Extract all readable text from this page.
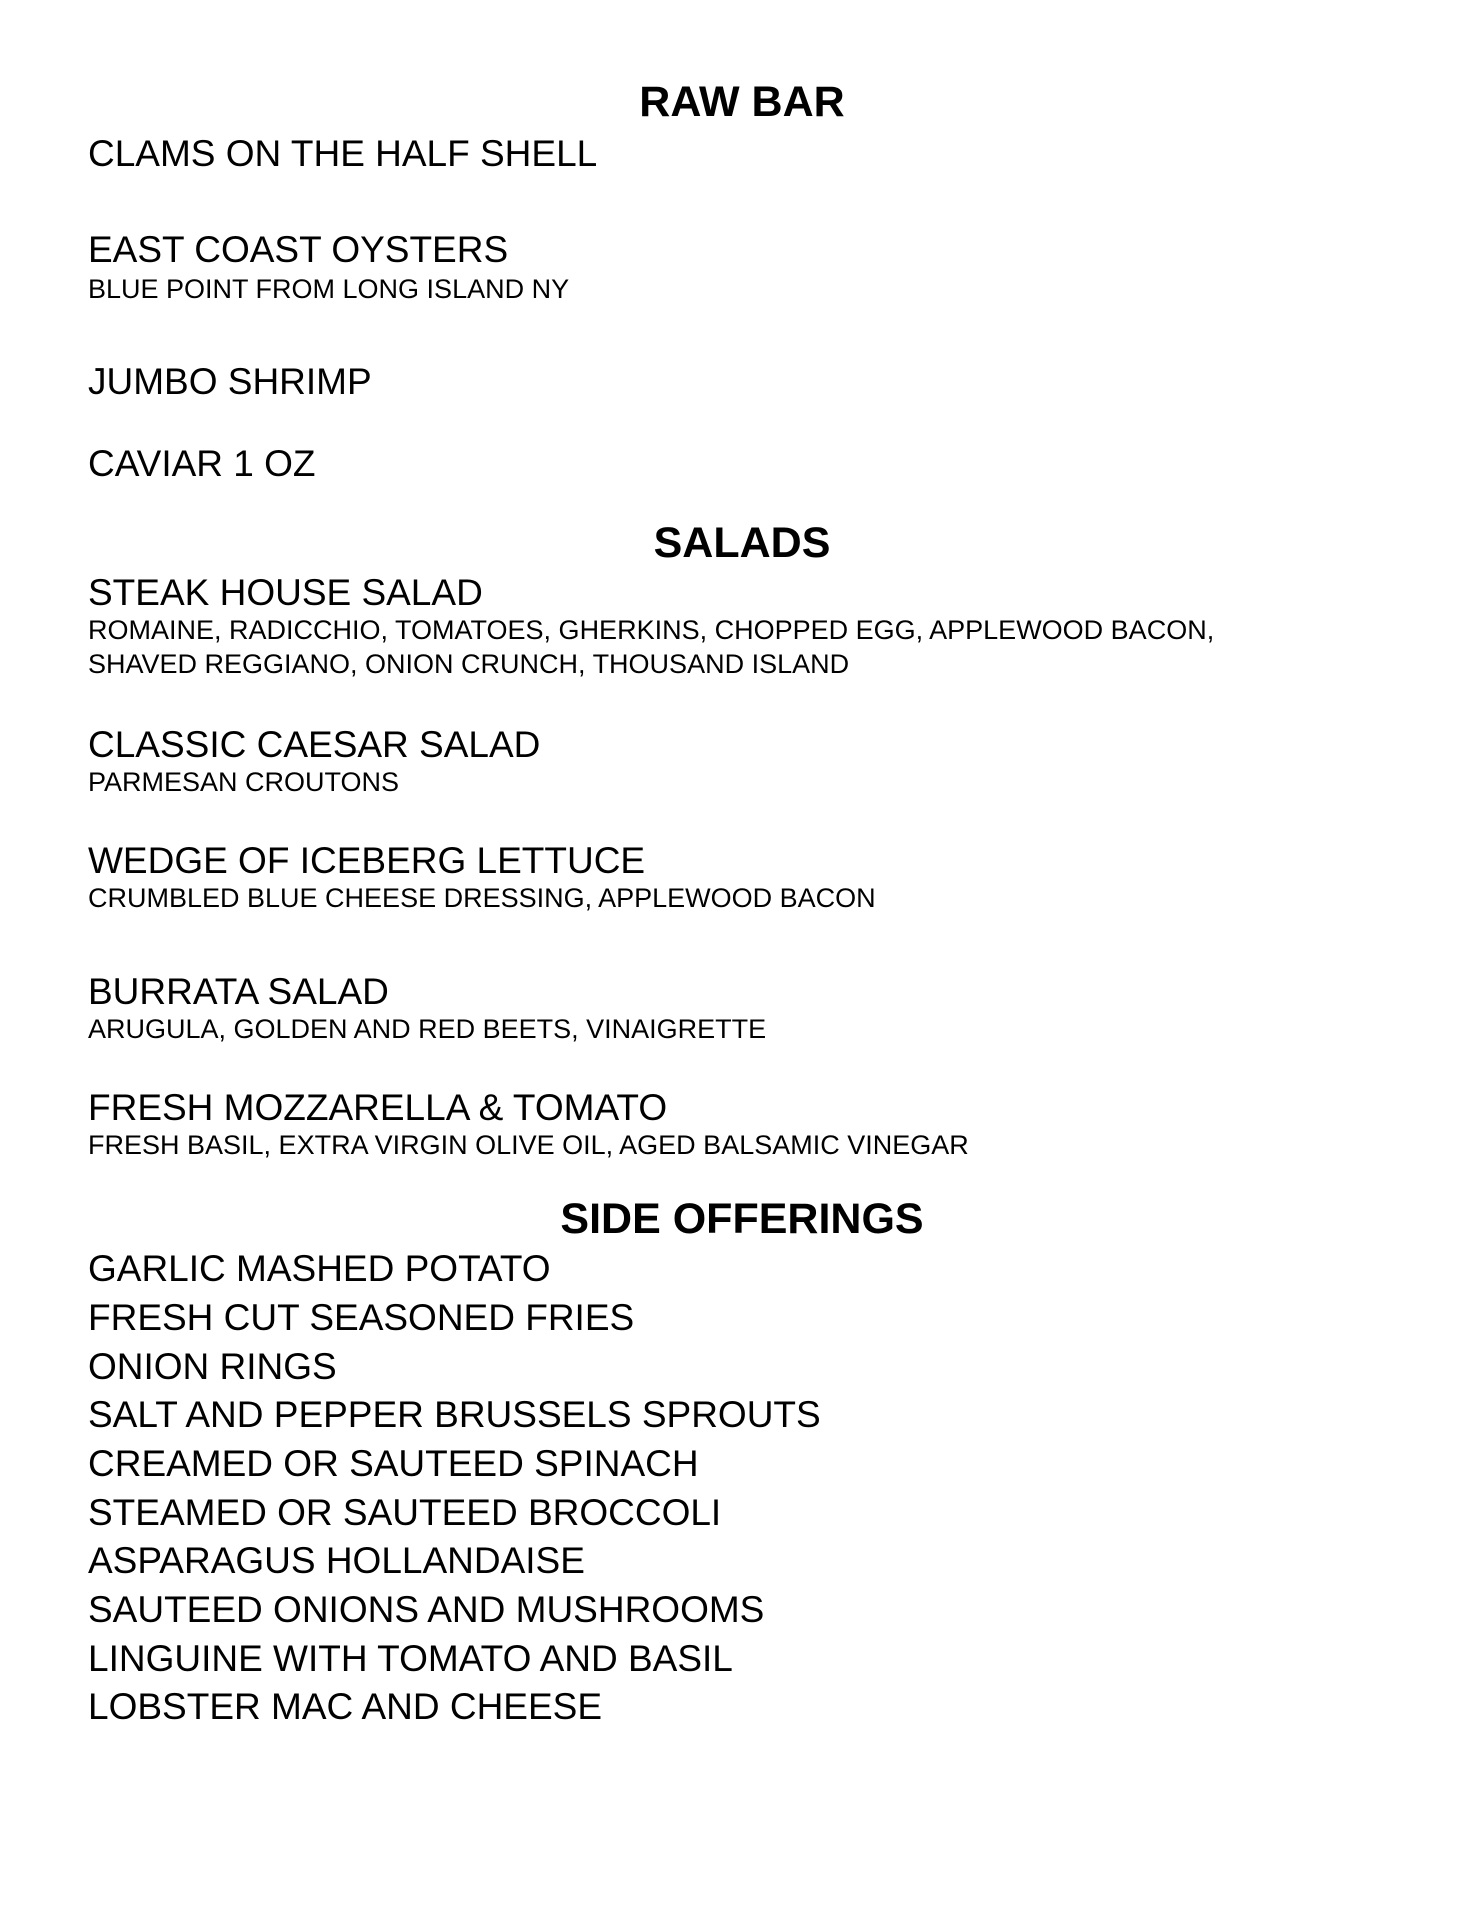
RAW BAR
CLAMS ON THE HALF SHELL
EAST COAST OYSTERS
BLUE POINT FROM LONG ISLAND NY
JUMBO SHRIMP
CAVIAR 1 OZ
SALADS
STEAK HOUSE SALAD
ROMAINE, RADICCHIO, TOMATOES, GHERKINS, CHOPPED EGG, APPLEWOOD BACON,
SHAVED REGGIANO, ONION CRUNCH, THOUSAND ISLAND
CLASSIC CAESAR SALAD
PARMESAN CROUTONS
WEDGE OF ICEBERG LETTUCE
CRUMBLED BLUE CHEESE DRESSING, APPLEWOOD BACON
BURRATA SALAD
ARUGULA, GOLDEN AND RED BEETS, VINAIGRETTE
FRESH MOZZARELLA & TOMATO
FRESH BASIL, EXTRA VIRGIN OLIVE OIL, AGED BALSAMIC VINEGAR
SIDE OFFERINGS
GARLIC MASHED POTATO
FRESH CUT SEASONED FRIES
ONION RINGS
SALT AND PEPPER BRUSSELS SPROUTS
CREAMED OR SAUTEED SPINACH
STEAMED OR SAUTEED BROCCOLI
ASPARAGUS HOLLANDAISE
SAUTEED ONIONS AND MUSHROOMS
LINGUINE WITH TOMATO AND BASIL
LOBSTER MAC AND CHEESE
